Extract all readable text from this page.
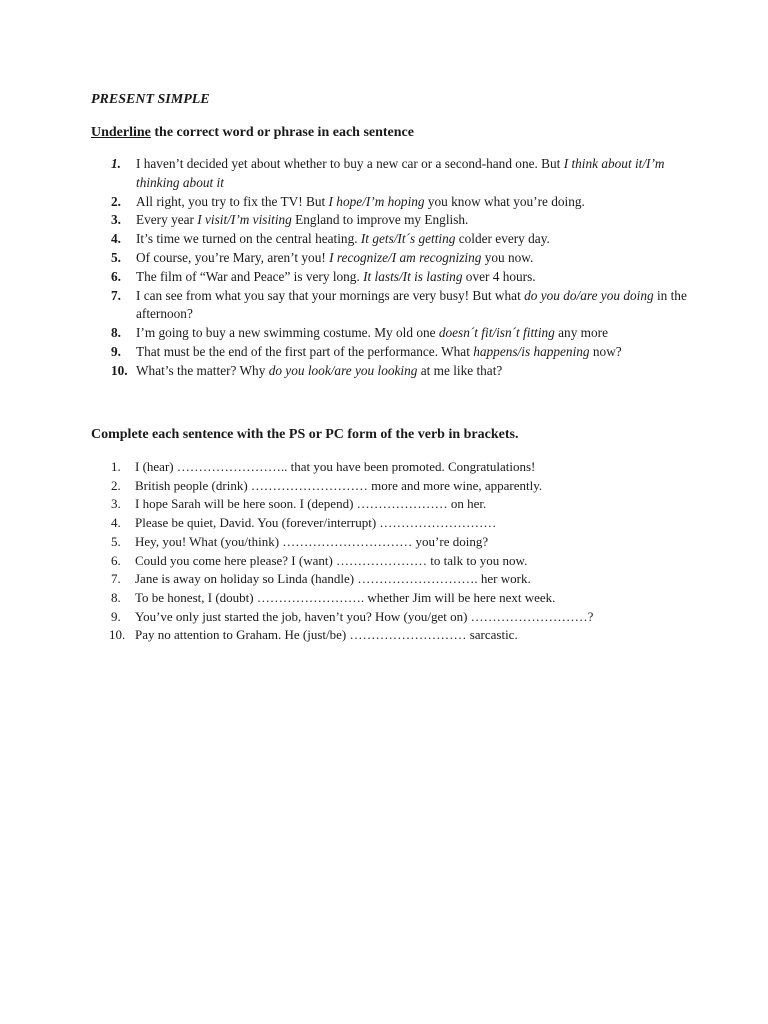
PRESENT SIMPLE

Underline the correct word or phrase in each sentence

1.	I haven’t decided yet about whether to buy a new car or a second-hand one. But I think about it/I’m thinking about it
2.	All right, you try to fix the TV! But I hope/I’m hoping you know what you’re doing.
3.	Every year I visit/I’m visiting England to improve my English.
4.	It’s time we turned on the central heating. It gets/It´s getting colder every day.
5.	Of course, you’re Mary, aren’t you! I recognize/I am recognizing you now.
6.	The film of “War and Peace” is very long. It lasts/It is lasting over 4 hours.
7.	I can see from what you say that your mornings are very busy! But what do you do/are you doing in the afternoon?
8.	I’m going to buy a new swimming costume. My old one doesn´t fit/isn´t fitting any more
9.	That must be the end of the first part of the performance. What happens/is happening now?
10. What’s the matter? Why do you look/are you looking at me like that?

Complete each sentence with the PS or PC form of the verb in brackets.

1.	I (hear) …………………….. that you have been promoted. Congratulations!
2.	British people (drink) ……………………… more and more wine, apparently.
3.	I hope Sarah will be here soon. I (depend) ………………… on her.
4.	Please be quiet, David. You (forever/interrupt) ………………………
5.	Hey, you! What (you/think) ………………………… you’re doing?
6.	Could you come here please? I (want) ………………… to talk to you now.
7.	Jane is away on holiday so Linda (handle) ………………………. her work.
8.	To be honest, I (doubt) ……………………. whether Jim will be here next week.
9.	You’ve only just started the job, haven’t you? How (you/get on) ………………………?
10. Pay no attention to Graham. He (just/be) ……………………… sarcastic.
